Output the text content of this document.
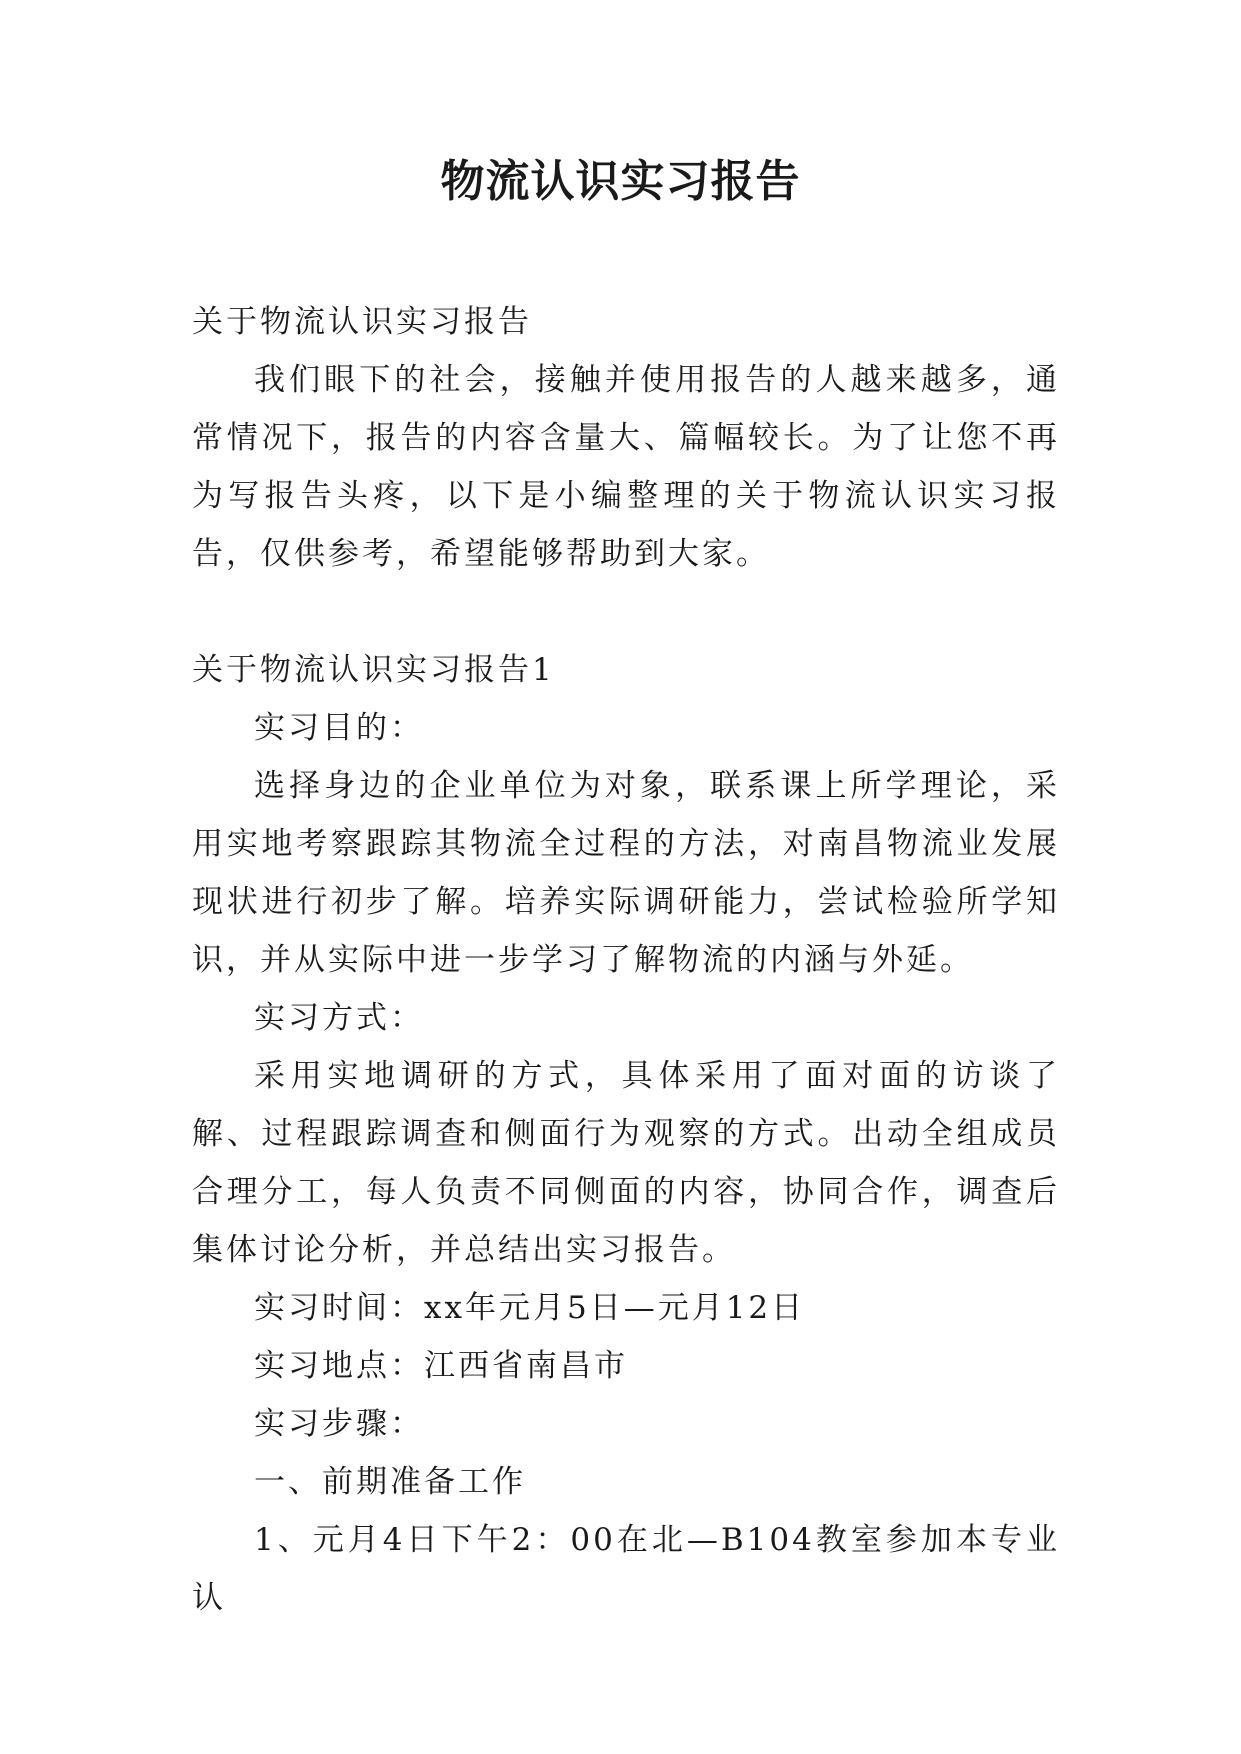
物流认识实习报告

关于物流认识实习报告

我们眼下的社会，接触并使用报告的人越来越多，通常情况下，报告的内容含量大、篇幅较长。为了让您不再为写报告头疼，以下是小编整理的关于物流认识实习报告，仅供参考，希望能够帮助到大家。

关于物流认识实习报告1

实习目的：

选择身边的企业单位为对象，联系课上所学理论，采用实地考察跟踪其物流全过程的方法，对南昌物流业发展现状进行初步了解。培养实际调研能力，尝试检验所学知识，并从实际中进一步学习了解物流的内涵与外延。

实习方式：

采用实地调研的方式，具体采用了面对面的访谈了解、过程跟踪调查和侧面行为观察的方式。出动全组成员合理分工，每人负责不同侧面的内容，协同合作，调查后集体讨论分析，并总结出实习报告。

实习时间：xx年元月5日—元月12日

实习地点：江西省南昌市

实习步骤：

一、前期准备工作

1、元月4日下午2：00在北—B104教室参加本专业认
